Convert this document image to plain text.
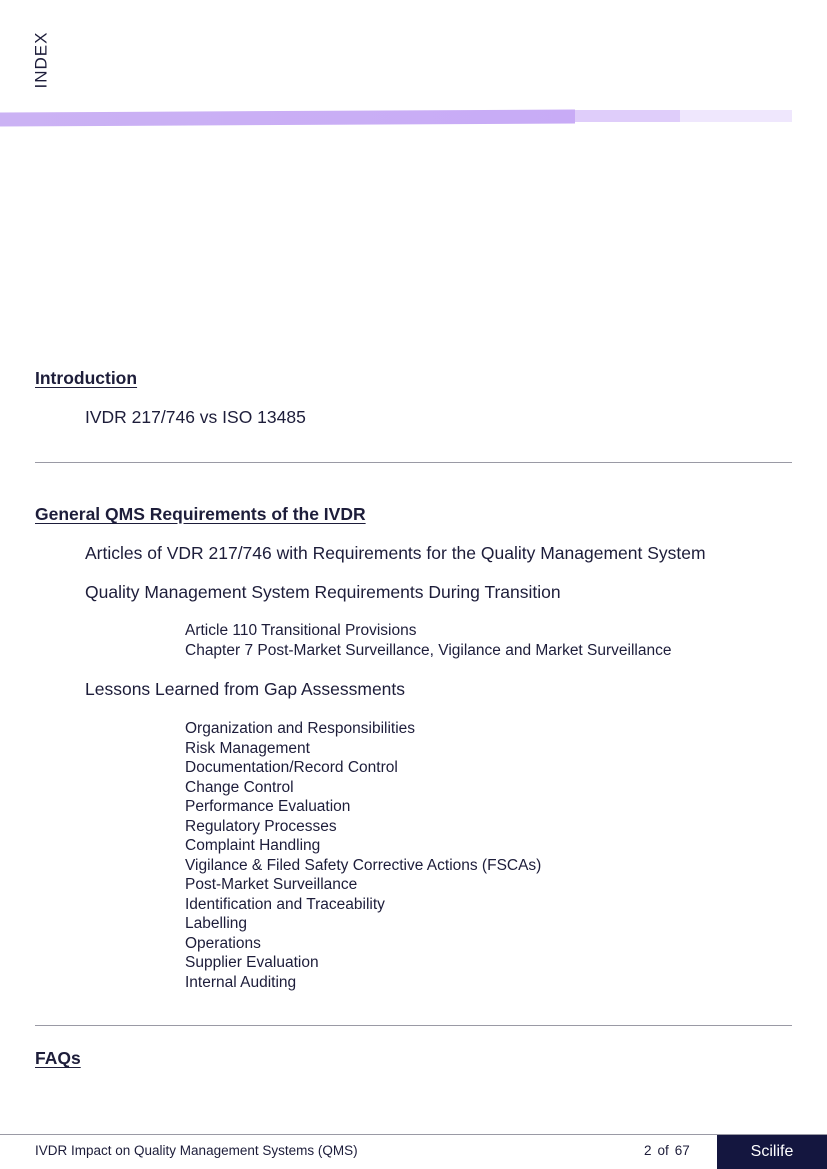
INDEX
Introduction
IVDR 217/746 vs ISO 13485
General QMS Requirements of the IVDR
Articles of VDR 217/746 with Requirements for the Quality Management System
Quality Management System Requirements During Transition
Article 110 Transitional Provisions
Chapter 7 Post-Market Surveillance, Vigilance and Market Surveillance
Lessons Learned from Gap Assessments
Organization and Responsibilities
Risk Management
Documentation/Record Control
Change Control
Performance Evaluation
Regulatory Processes
Complaint Handling
Vigilance & Filed Safety Corrective Actions (FSCAs)
Post-Market Surveillance
Identification and Traceability
Labelling
Operations
Supplier Evaluation
Internal Auditing
FAQs
IVDR Impact on Quality Management Systems (QMS)	2 of 67	Scilife
